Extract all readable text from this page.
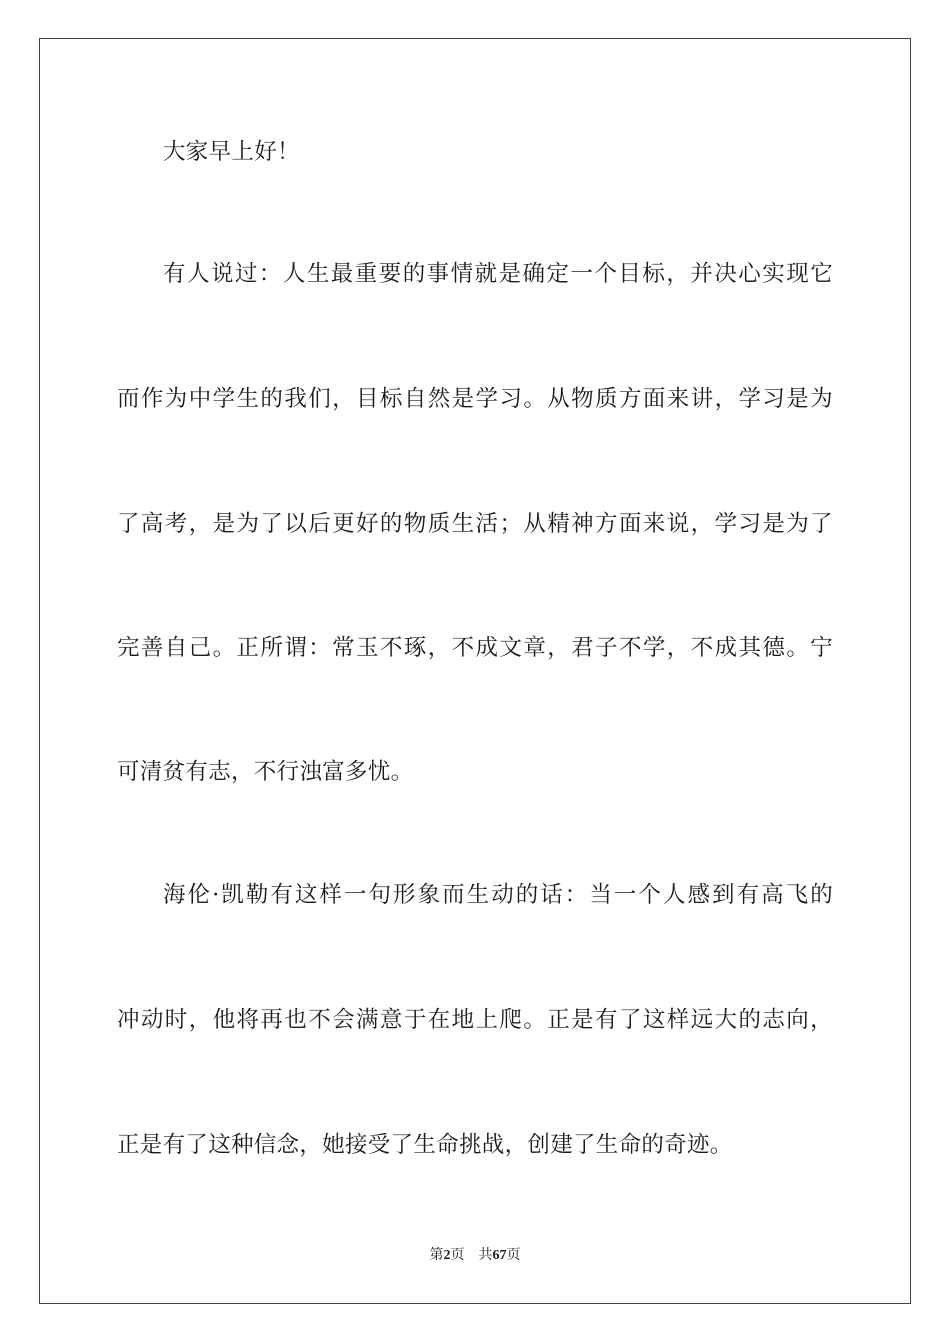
大家早上好！
有人说过：人生最重要的事情就是确定一个目标，并决心实现它
而作为中学生的我们，目标自然是学习。从物质方面来讲，学习是为
了高考，是为了以后更好的物质生活；从精神方面来说，学习是为了
完善自己。正所谓：常玉不琢，不成文章，君子不学，不成其德。宁
可清贫有志，不行浊富多忧。
海伦·凯勒有这样一句形象而生动的话：当一个人感到有高飞的
冲动时，他将再也不会满意于在地上爬。正是有了这样远大的志向，
正是有了这种信念，她接受了生命挑战，创建了生命的奇迹。
第2页 共67页
